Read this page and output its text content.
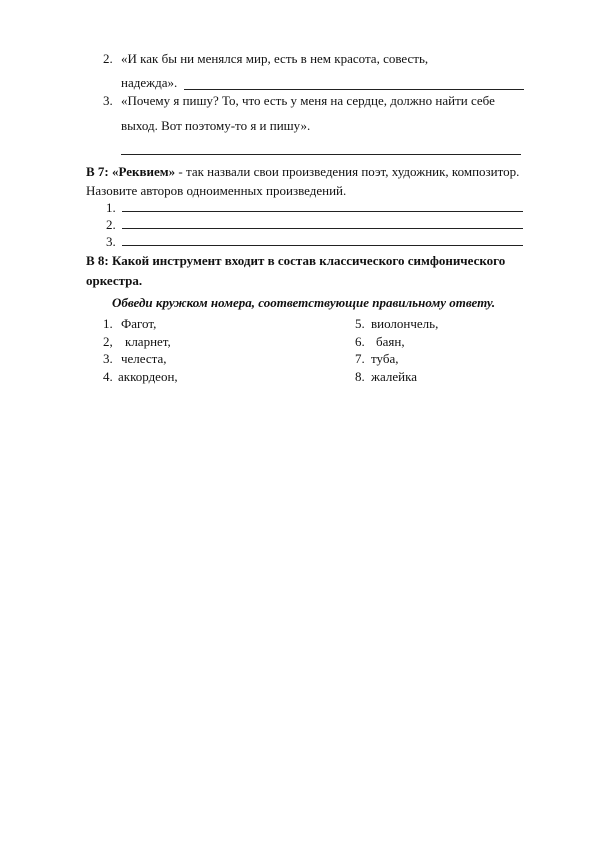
2. «И как бы ни менялся мир, есть в нем красота, совесть,
надежда».
3. «Почему я пишу? То, что есть у меня на сердце, должно найти себе
выход. Вот поэтому-то я и пишу».
В 7: «Реквием» - так назвали свои произведения поэт, художник, композитор.
Назовите авторов одноименных произведений.
1.
2.
3.
В 8: Какой инструмент входит в состав классического симфонического
оркестра.
Обведи кружком номера, соответствующие правильному ответу.
1. Фагот,
2, кларнет,
3. челеста,
4. аккордеон,
5. виолончель,
6. баян,
7. туба,
8. жалейка
